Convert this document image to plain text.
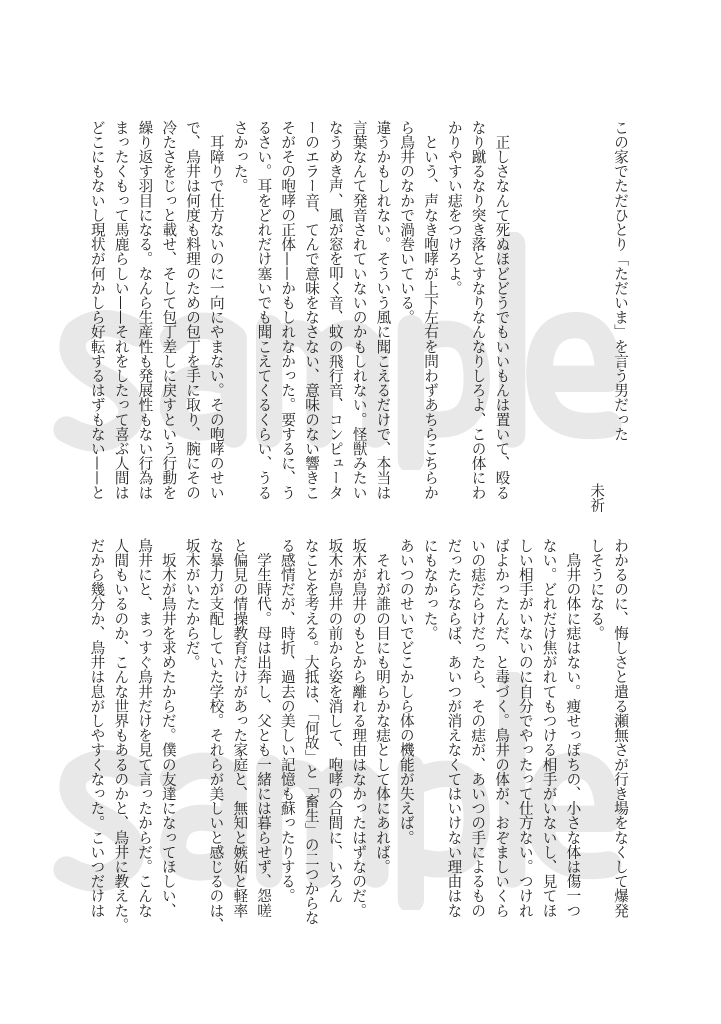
この家でただひとり「ただいま」を言う男だった
未祈
　正しさなんて死ぬほどどうでもいいもんは置いて、殴る
なり蹴るなり突き落とすなりなんなりしろよ、この体にわ
かりやすい痣をつけろよ。
　という、声なき咆哮が上下左右を問わずあちらこちらか
ら鳥井のなかで渦巻いている。
違うかもしれない。そういう風に聞こえるだけで、本当は
言葉なんて発音されていないのかもしれない。怪獣みたい
なうめき声、風が窓を叩く音、蚊の飛行音、コンピュータ
ーのエラー音、てんで意味をなさない、意味のない響きこ
そがその咆哮の正体——かもしれなかった。要するに、う
るさい。耳をどれだけ塞いでも聞こえてくるくらい、うる
さかった。
　耳障りで仕方ないのに一向にやまない。その咆哮のせい
で、鳥井は何度も料理のための包丁を手に取り、腕にその
冷たさをじっと載せ、そして包丁差しに戻すという行動を
繰り返す羽目になる。なんら生産性も発展性もない行為は
まったくもって馬鹿らしい——それをしたって喜ぶ人間は
どこにもないし現状が何かしら好転するはずもない——と
わかるのに、悔しさと遣る瀬無さが行き場をなくして爆発
しそうになる。
　鳥井の体に痣はない。痩せっぽちの、小さな体は傷一つ
ない。どれだけ焦がれてもつける相手がいないし、見てほ
しい相手がいないのに自分でやったって仕方ない。つけれ
ばよかったんだ、と毒づく。鳥井の体が、おぞましいくら
いの痣だらけだったら、その痣が、あいつの手によるもの
だったらならば、あいつが消えなくてはいけない理由はな
にもなかった。
あいつのせいでどこかしら体の機能が失えば。
　それが誰の目にも明らかな痣として体にあれば。
坂木が鳥井のもとから離れる理由はなかったはずなのだ。
坂木が鳥井の前から姿を消して、咆哮の合間に、いろん
なことを考える。大抵は、「何故」と「畜生」の二つからな
る感情だが、時折、過去の美しい記憶も蘇ったりする。
　学生時代。母は出奔し、父とも一緒には暮らせず、怨嗟
と偏見の情操教育だけがあった家庭と、無知と嫉妬と軽率
な暴力が支配していた学校。それらが美しいと感じるのは、
坂木がいたからだ。
　坂木が鳥井を求めたからだ。僕の友達になってほしい、
鳥井にと、まっすぐ鳥井だけを見て言ったからだ。こんな
人間もいるのか、こんな世界もあるのかと、鳥井に教えた。
だから幾分か、鳥井は息がしやすくなった。こいつだけは
